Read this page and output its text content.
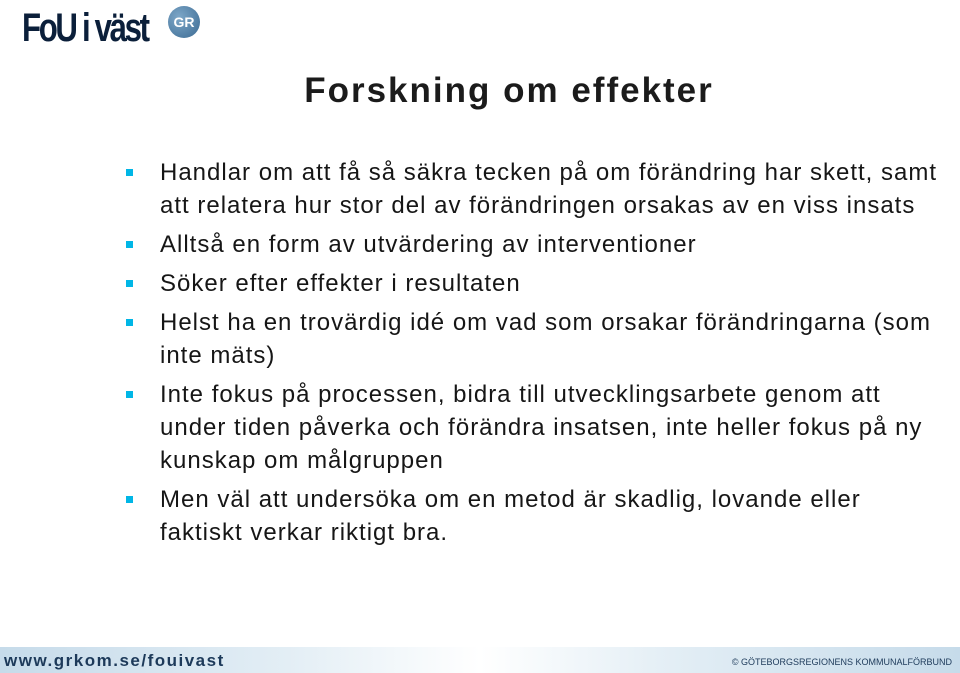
FoU i väst	GR
Forskning om effekter
Handlar om att få så säkra tecken på om förändring har skett, samt att relatera hur stor del av förändringen orsakas av en viss insats
Alltså en form av utvärdering av interventioner
Söker efter effekter i resultaten
Helst ha en trovärdig idé om vad som orsakar förändringarna (som inte mäts)
Inte fokus på processen, bidra till utvecklingsarbete genom att under tiden påverka och förändra insatsen, inte heller fokus på ny kunskap om målgruppen
Men väl att undersöka om en metod är skadlig, lovande eller faktiskt verkar riktigt bra.
www.grkom.se/fouivast	© GÖTEBORGSREGIONENS KOMMUNALFÖRBUND
